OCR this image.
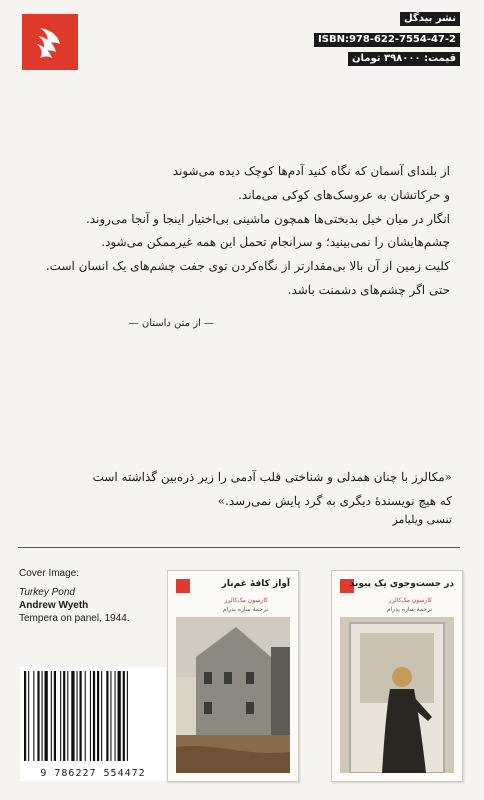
نشر بیدگل
ISBN:978-622-7554-47-2
قیمت: ۳۹۸۰۰۰ تومان
از بلندای آسمان که نگاه کنید آدم‌ها کوچک دیده می‌شوند
و حرکاتشان به عروسک‌های کوکی می‌ماند.
انگار در میان خیل بدبختی‌ها همچون ماشینی بی‌اختیار اینجا و آنجا می‌روند.
چشم‌هایشان را نمی‌بینید؛ و سرانجام تحمل این همه غیرممکن می‌شود.
کلیت زمین از آن بالا بی‌مقدارتر از نگاه‌کردن توی جفت چشم‌های یک انسان است.
حتی اگر چشم‌های دشمنت باشد.
— از متن داستان —
«مکالرز با چنان همدلی و شناختی قلب آدمی را زیر ذره‌بین گذاشته است
که هیچ نویسندهٔ دیگری به گرد پایش نمی‌رسد.»
تنسی ویلیامز
Cover Image:
Turkey Pond
Andrew Wyeth
Tempera on panel, 1944.
9 786227 554472
آواز کافهٔ غم‌بار
کارسون مک‌کالرز
ترجمهٔ ساره پدرام
در جست‌وجوی یک پیوند
کارسون مک‌کالرز
ترجمهٔ ساره پدرام
